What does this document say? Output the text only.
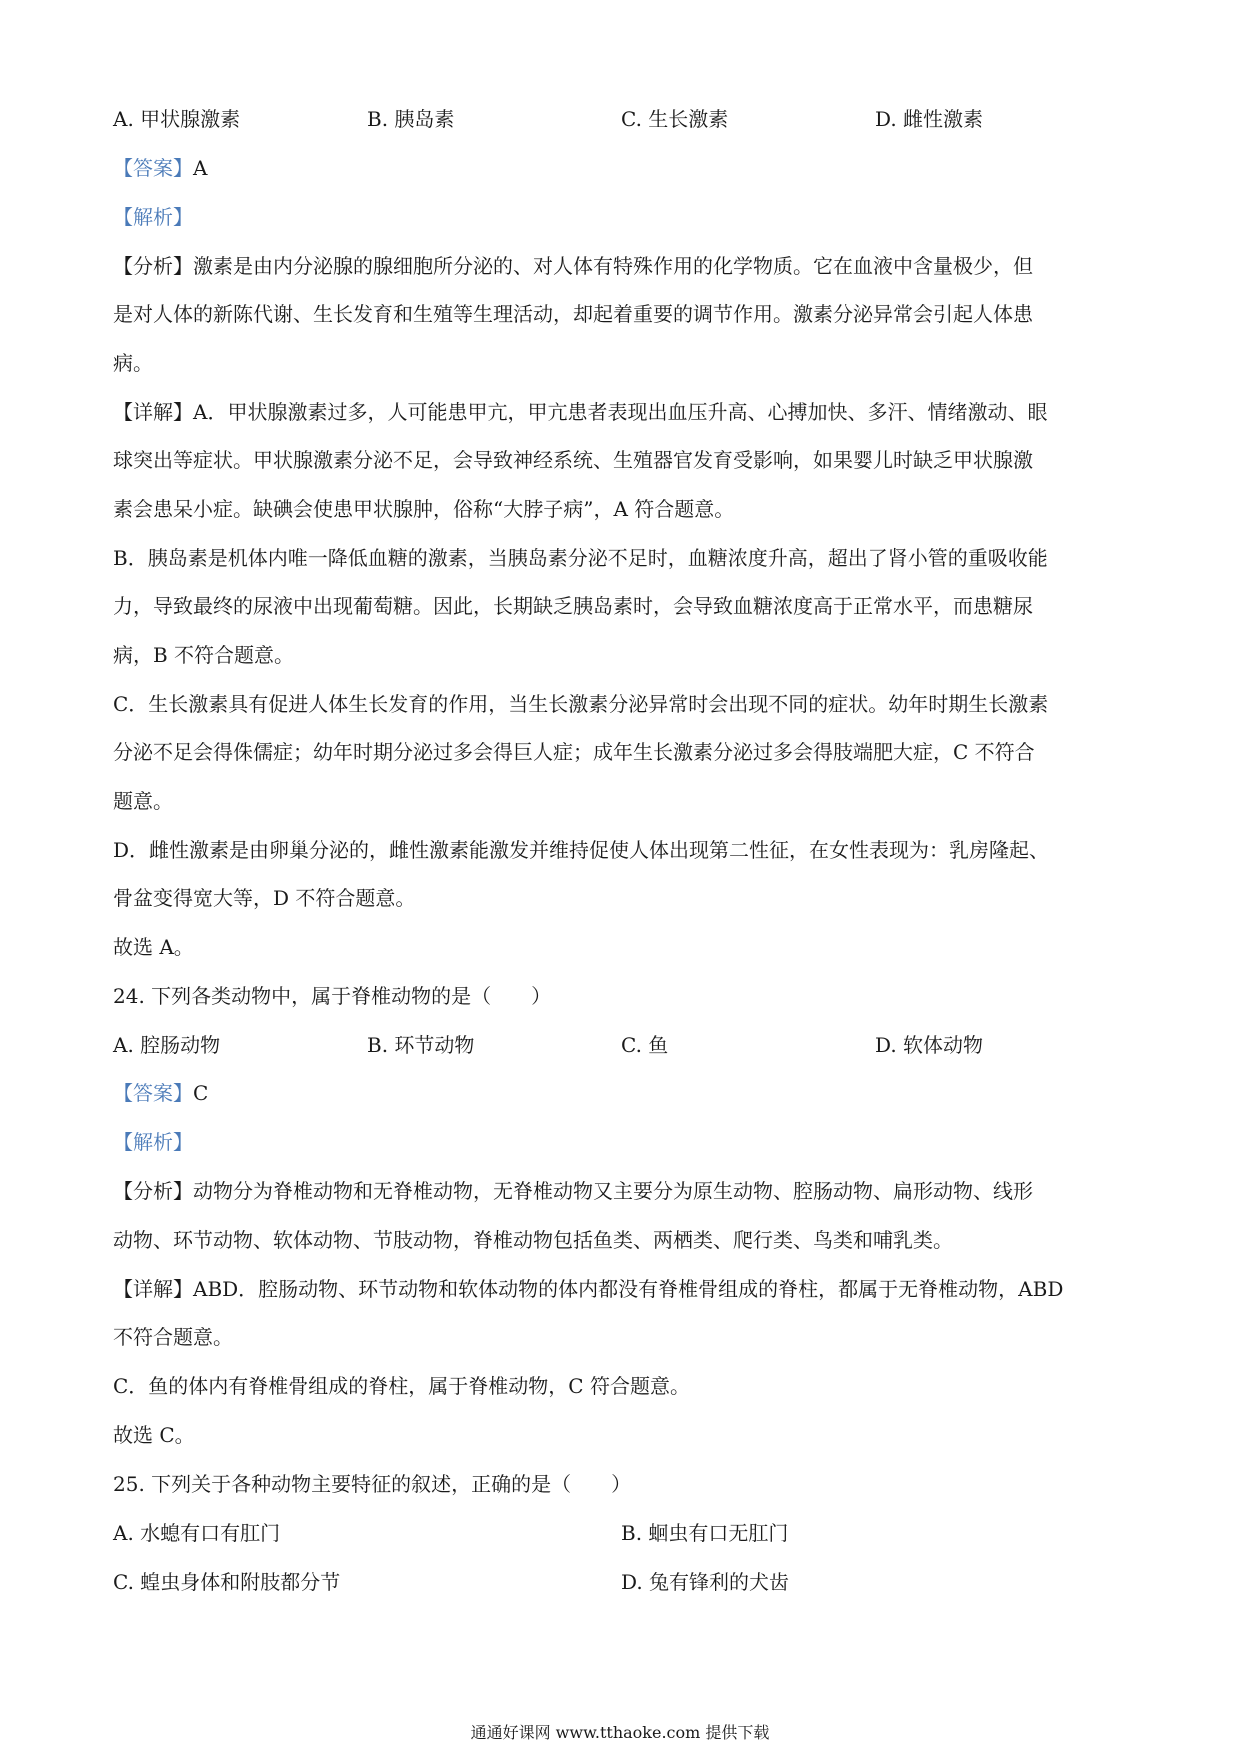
A. 甲状腺激素	B. 胰岛素	C. 生长激素	D. 雌性激素
【答案】A
【解析】
【分析】激素是由内分泌腺的腺细胞所分泌的、对人体有特殊作用的化学物质。它在血液中含量极少，但
是对人体的新陈代谢、生长发育和生殖等生理活动，却起着重要的调节作用。激素分泌异常会引起人体患
病。
【详解】A．甲状腺激素过多，人可能患甲亢，甲亢患者表现出血压升高、心搏加快、多汗、情绪激动、眼
球突出等症状。甲状腺激素分泌不足，会导致神经系统、生殖器官发育受影响，如果婴儿时缺乏甲状腺激
素会患呆小症。缺碘会使患甲状腺肿，俗称“大脖子病”，A 符合题意。
B．胰岛素是机体内唯一降低血糖的激素，当胰岛素分泌不足时，血糖浓度升高，超出了肾小管的重吸收能
力，导致最终的尿液中出现葡萄糖。因此，长期缺乏胰岛素时，会导致血糖浓度高于正常水平，而患糖尿
病，B 不符合题意。
C．生长激素具有促进人体生长发育的作用，当生长激素分泌异常时会出现不同的症状。幼年时期生长激素
分泌不足会得侏儒症；幼年时期分泌过多会得巨人症；成年生长激素分泌过多会得肢端肥大症，C 不符合
题意。
D．雌性激素是由卵巢分泌的，雌性激素能激发并维持促使人体出现第二性征，在女性表现为：乳房隆起、
骨盆变得宽大等，D 不符合题意。
故选 A。
24. 下列各类动物中，属于脊椎动物的是（　　）
A. 腔肠动物	B. 环节动物	C. 鱼	D. 软体动物
【答案】C
【解析】
【分析】动物分为脊椎动物和无脊椎动物，无脊椎动物又主要分为原生动物、腔肠动物、扁形动物、线形
动物、环节动物、软体动物、节肢动物，脊椎动物包括鱼类、两栖类、爬行类、鸟类和哺乳类。
【详解】ABD．腔肠动物、环节动物和软体动物的体内都没有脊椎骨组成的脊柱，都属于无脊椎动物，ABD
不符合题意。
C．鱼的体内有脊椎骨组成的脊柱，属于脊椎动物，C 符合题意。
故选 C。
25. 下列关于各种动物主要特征的叙述，正确的是（　　）
A. 水螅有口有肛门	B. 蛔虫有口无肛门
C. 蝗虫身体和附肢都分节	D. 兔有锋利的犬齿
通通好课网 www.tthaoke.com 提供下载
